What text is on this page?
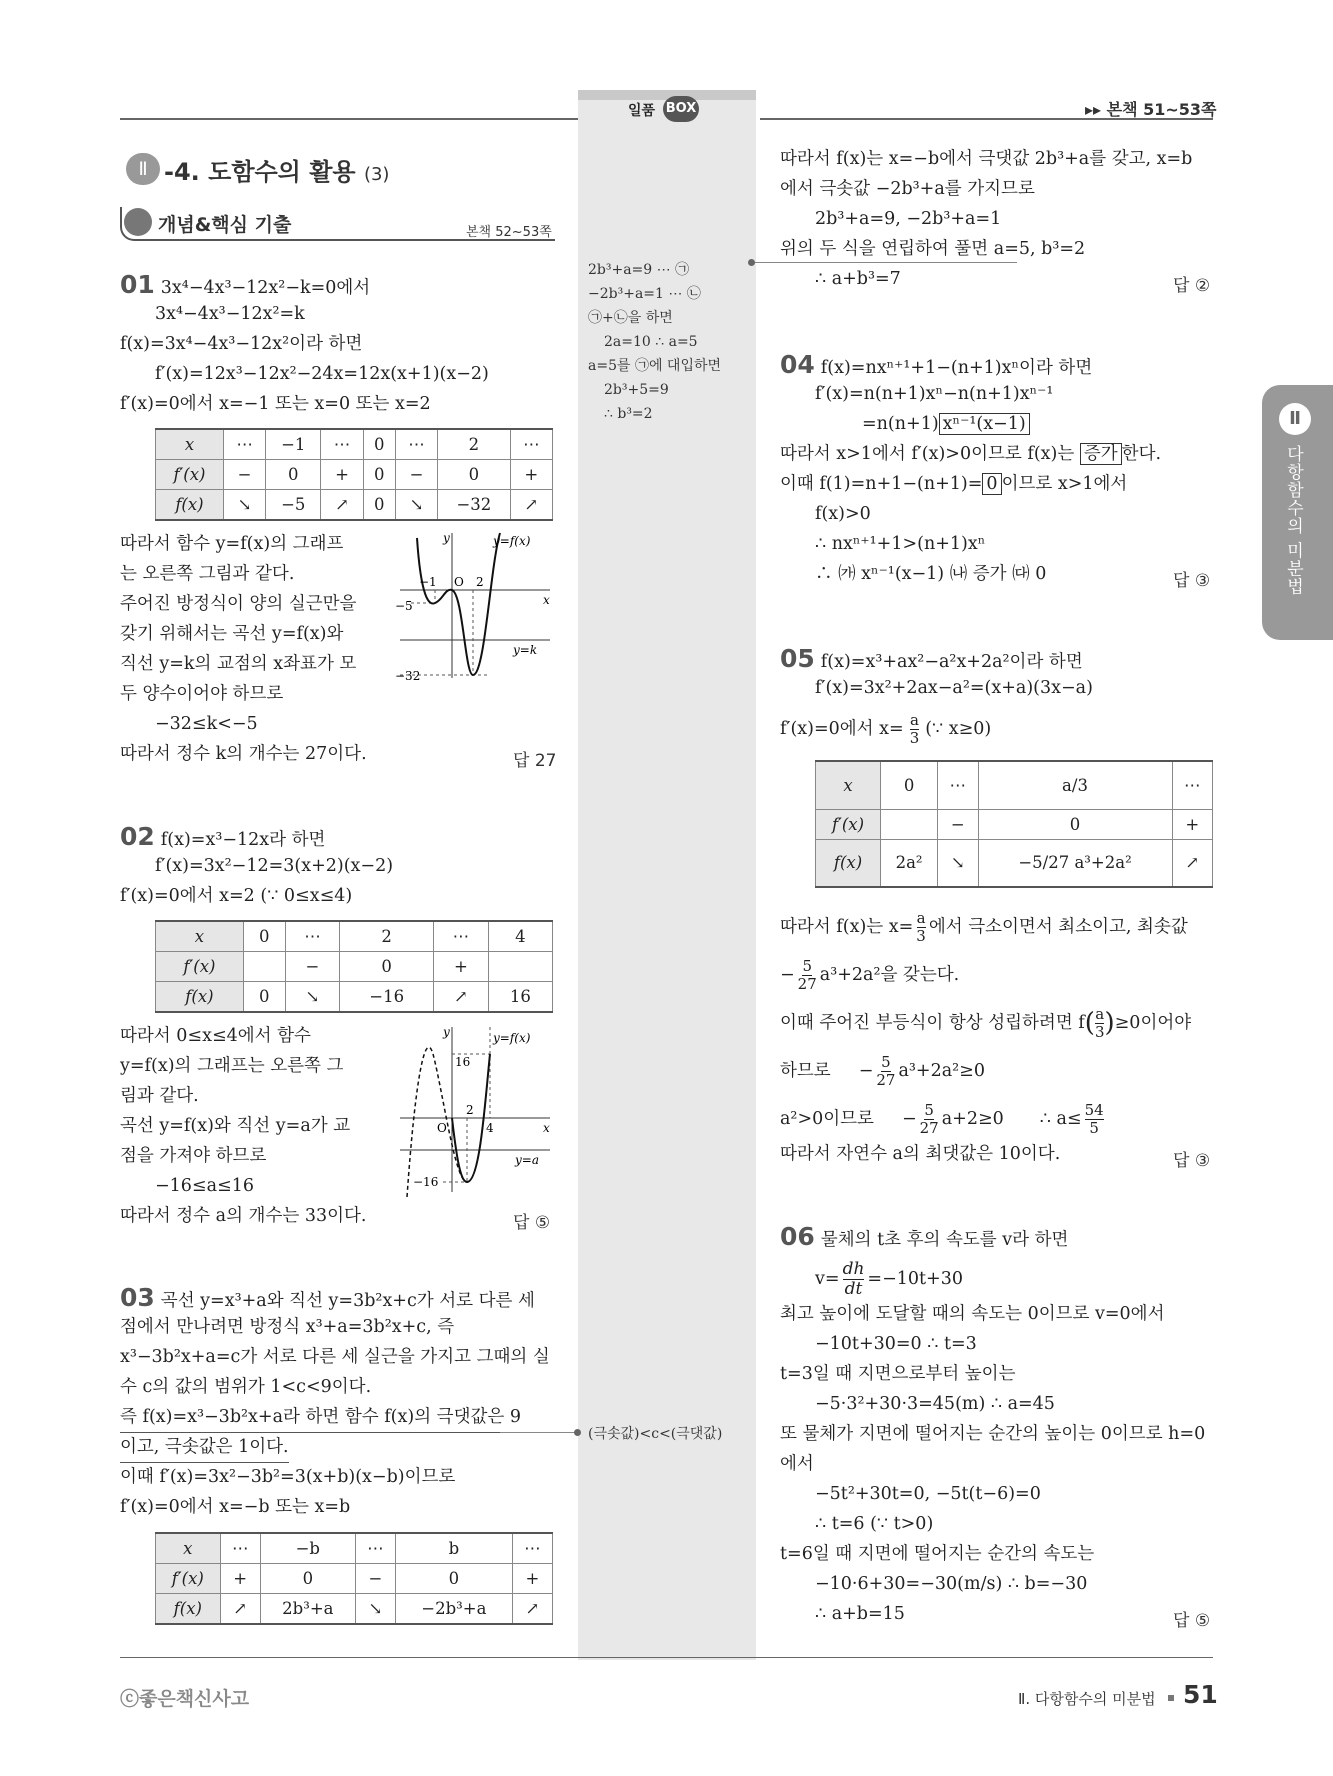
일품 BOX	▸▸ 본책 51~53쪽
Ⅱ -4. 도함수의 활용 (3)
개념&핵심 기출	본책 52~53쪽
Ⅱ
다항함수의 미분법
01 3x⁴−4x³−12x²−k=0에서
3x⁴−4x³−12x²=k
f(x)=3x⁴−4x³−12x²이라 하면
f′(x)=12x³−12x²−24x=12x(x+1)(x−2)
f′(x)=0에서 x=−1 또는 x=0 또는 x=2
x	⋯	−1	⋯	0	⋯	2	⋯
f′(x)	−	0	+	0	−	0	+
f(x)	↘	−5	↗	0	↘	−32	↗
따라서 함수 y=f(x)의 그래프
는 오른쪽 그림과 같다.
주어진 방정식이 양의 실근만을
갖기 위해서는 곡선 y=f(x)와
직선 y=k의 교점의 x좌표가 모
두 양수이어야 하므로
−32≤k<−5
따라서 정수 k의 개수는 27이다.	답 27
y
x
y=f(x)
y=k
O
−1	2
−5
−32
02 f(x)=x³−12x라 하면
f′(x)=3x²−12=3(x+2)(x−2)
f′(x)=0에서 x=2 (∵ 0≤x≤4)
x	0	⋯	2	⋯	4
f′(x)		−	0	+	
f(x)	0	↘	−16	↗	16
따라서 0≤x≤4에서 함수
y=f(x)의 그래프는 오른쪽 그
림과 같다.
곡선 y=f(x)와 직선 y=a가 교
점을 가져야 하므로
−16≤a≤16
따라서 정수 a의 개수는 33이다.	답 ⑤
y
x
y=f(x)
y=a
O
16
2
4
−16
03 곡선 y=x³+a와 직선 y=3b²x+c가 서로 다른 세
점에서 만나려면 방정식 x³+a=3b²x+c, 즉
x³−3b²x+a=c가 서로 다른 세 실근을 가지고 그때의 실
수 c의 값의 범위가 1<c<9이다.
즉 f(x)=x³−3b²x+a라 하면 함수 f(x)의 극댓값은 9
이고, 극솟값은 1이다.
이때 f′(x)=3x²−3b²=3(x+b)(x−b)이므로
f′(x)=0에서 x=−b 또는 x=b
x	⋯	−b	⋯	b	⋯
f′(x)	+	0	−	0	+
f(x)	↗	2b³+a	↘	−2b³+a	↗
따라서 f(x)는 x=−b에서 극댓값 2b³+a를 갖고, x=b
에서 극솟값 −2b³+a를 가지므로
2b³+a=9, −2b³+a=1
위의 두 식을 연립하여 풀면 a=5, b³=2
∴ a+b³=7	답 ②
2b³+a=9 ⋯ ㉠
−2b³+a=1 ⋯ ㉡
㉠+㉡을 하면
2a=10 ∴ a=5
a=5를 ㉠에 대입하면
2b³+5=9
∴ b³=2
(극솟값)<c<(극댓값)
04 f(x)=nxⁿ⁺¹+1−(n+1)xⁿ이라 하면
f′(x)=n(n+1)xⁿ−n(n+1)xⁿ⁻¹
=n(n+1) xⁿ⁻¹(x−1)
따라서 x>1에서 f′(x)>0이므로 f(x)는 증가 한다.
이때 f(1)=n+1−(n+1)= 0 이므로 x>1에서
f(x)>0
∴ nxⁿ⁺¹+1>(n+1)xⁿ
∴ ㈎ xⁿ⁻¹(x−1) ㈏ 증가 ㈐ 0	답 ③
05 f(x)=x³+ax²−a²x+2a²이라 하면
f′(x)=3x²+2ax−a²=(x+a)(3x−a)
f′(x)=0에서 $x= \frac{a}{3}$ (∵ x≥0)
x	0	⋯	a/3	⋯
f′(x)		−	0	+
f(x)	2a²	↘	−5/27 a³+2a²	↗
따라서 f(x)는 $x= \frac{a}{3}$ 에서 극소이면서 최소이고, 최솟값
− $\frac{5}{27} a^3+2a^2$을 갖는다.
이때 주어진 부등식이 항상 성립하려면 f ( a
3 ) ≥0이어야
하므로 − $\frac{5}{27} a^3+2a^2\ge 0$
a²>0이므로 − $\frac{5}{27} a+2\ge 0$ ∴ $a\le \frac{54}{5}$
따라서 자연수 a의 최댓값은 10이다.	답 ③
06 물체의 t초 후의 속도를 v라 하면
$v= \frac{dh}{dt} =-10t+30$
최고 높이에 도달할 때의 속도는 0이므로 v=0에서
−10t+30=0 ∴ t=3
t=3일 때 지면으로부터 높이는
−5·3²+30·3=45(m) ∴ a=45
또 물체가 지면에 떨어지는 순간의 높이는 0이므로 h=0
에서
−5t²+30t=0, −5t(t−6)=0
∴ t=6 (∵ t>0)
t=6일 때 지면에 떨어지는 순간의 속도는
−10·6+30=−30(m/s) ∴ b=−30
∴ a+b=15	답 ⑤
ⓒ좋은책신사고	Ⅱ. 다항함수의 미분법 51
